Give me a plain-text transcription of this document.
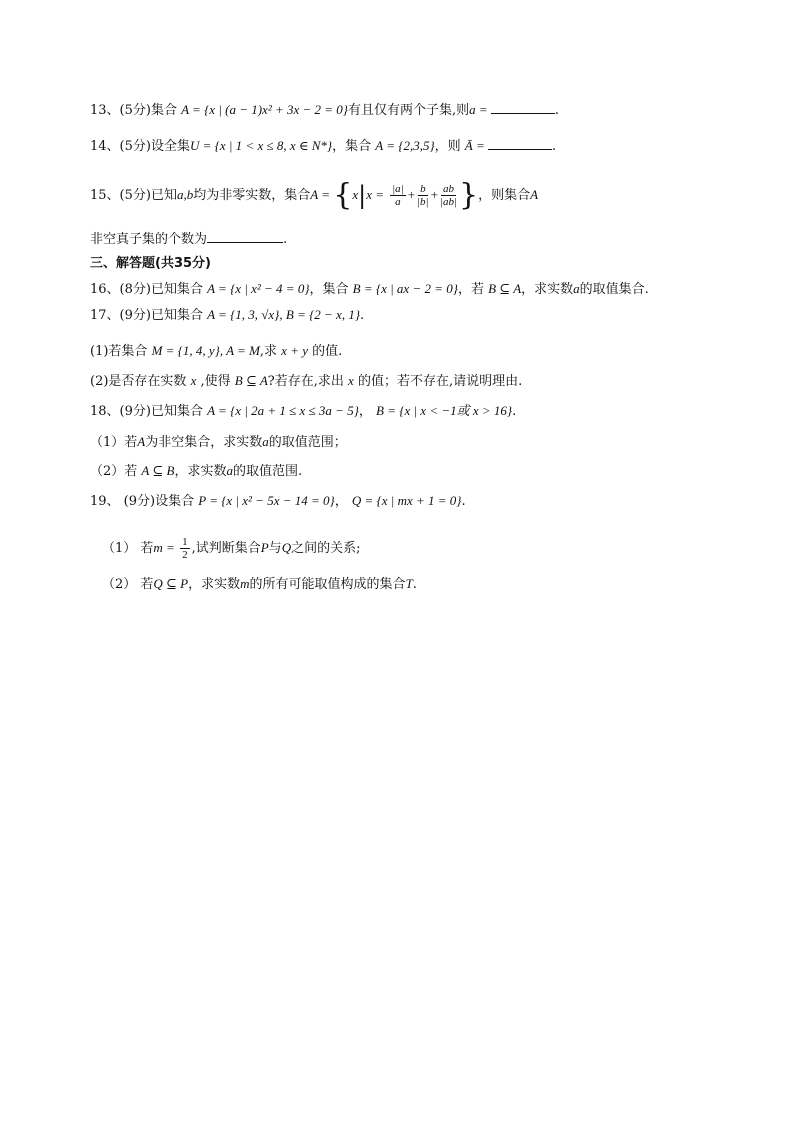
13、(5分)集合 A = {x | (a − 1)x² + 3x − 2 = 0}有且仅有两个子集,则a =	.
14、(5分)设全集U = {x | 1 < x ≤ 8, x ∈ N*}，集合 A = {2,3,5}，则 Ā =	.
15、(5分)已知a,b均为非零实数，集合$A = \{x|x = \frac{|a|}{a} + \frac{b}{|b|} + \frac{ab}{|ab|}$ }，则集合A
非空真子集的个数为	.
三、解答题(共35分)
16、(8分)已知集合 A = {x | x² − 4 = 0}，集合 B = {x | ax − 2 = 0}，若 B ⊆ A，求实数a的取值集合.
17、(9分)已知集合 A = {1, 3, √x}, B = {2 − x, 1}.
(1)若集合 M = {1, 4, y}, A = M,求 x + y 的值.
(2)是否存在实数 x ,使得 B ⊆ A?若存在,求出 x 的值；若不存在,请说明理由.
18、(9分)已知集合 A = {x | 2a + 1 ≤ x ≤ 3a − 5}， B = {x | x < −1或 x > 16}.
（1）若A为非空集合，求实数a的取值范围；
（2）若 A ⊆ B，求实数a的取值范围.
19、 (9分)设集合 P = {x | x² − 5x − 14 = 0}， Q = {x | mx + 1 = 0}.
（1） 若$m = \frac{1}{2}$ ,试判断集合P与Q之间的关系;
（2） 若Q ⊆ P，求实数m的所有可能取值构成的集合T.
